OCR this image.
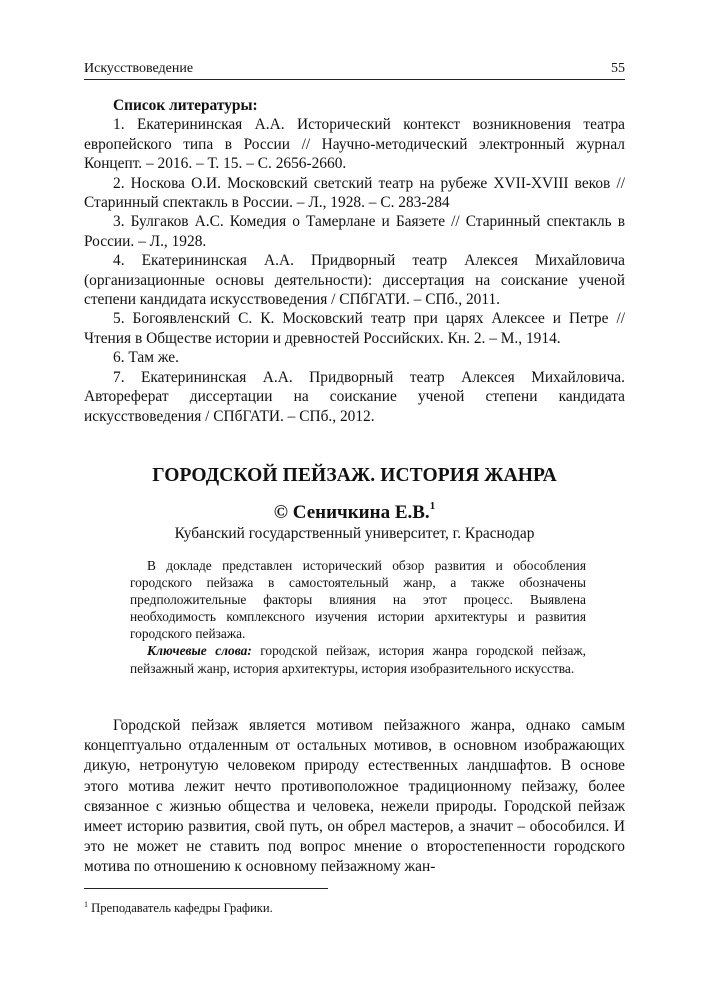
Искусствоведение	55

Список литературы:

1. Екатерининская А.А. Исторический контекст возникновения театра европейского типа в России // Научно-методический электронный журнал Концепт. – 2016. – Т. 15. – С. 2656-2660.

2. Носкова О.И. Московский светский театр на рубеже XVII-XVIII веков // Старинный спектакль в России. – Л., 1928. – С. 283-284

3. Булгаков А.С. Комедия о Тамерлане и Баязете // Старинный спектакль в России. – Л., 1928.

4. Екатерининская А.А. Придворный театр Алексея Михайловича (организационные основы деятельности): диссертация на соискание ученой степени кандидата искусствоведения / СПбГАТИ. – СПб., 2011.

5. Богоявленский С. К. Московский театр при царях Алексее и Петре // Чтения в Обществе истории и древностей Российских. Кн. 2. – М., 1914.

6. Там же.

7. Екатерининская А.А. Придворный театр Алексея Михайловича. Автореферат диссертации на соискание ученой степени кандидата искусствоведения / СПбГАТИ. – СПб., 2012.

ГОРОДСКОЙ ПЕЙЗАЖ. ИСТОРИЯ ЖАНРА
© Сеничкина Е.В.$^1$
Кубанский государственный университет, г. Краснодар

В докладе представлен исторический обзор развития и обособления городского пейзажа в самостоятельный жанр, а также обозначены предположительные факторы влияния на этот процесс. Выявлена необходимость комплексного изучения истории архитектуры и развития городского пейзажа.

Ключевые слова: городской пейзаж, история жанра городской пейзаж, пейзажный жанр, история архитектуры, история изобразительного искусства.

Городской пейзаж является мотивом пейзажного жанра, однако самым концептуально отдаленным от остальных мотивов, в основном изображающих дикую, нетронутую человеком природу естественных ландшафтов. В основе этого мотива лежит нечто противоположное традиционному пейзажу, более связанное с жизнью общества и человека, нежели природы. Городской пейзаж имеет историю развития, свой путь, он обрел мастеров, а значит – обособился. И это не может не ставить под вопрос мнение о второстепенности городского мотива по отношению к основному пейзажному жан-

$^1$ Преподаватель кафедры Графики.
